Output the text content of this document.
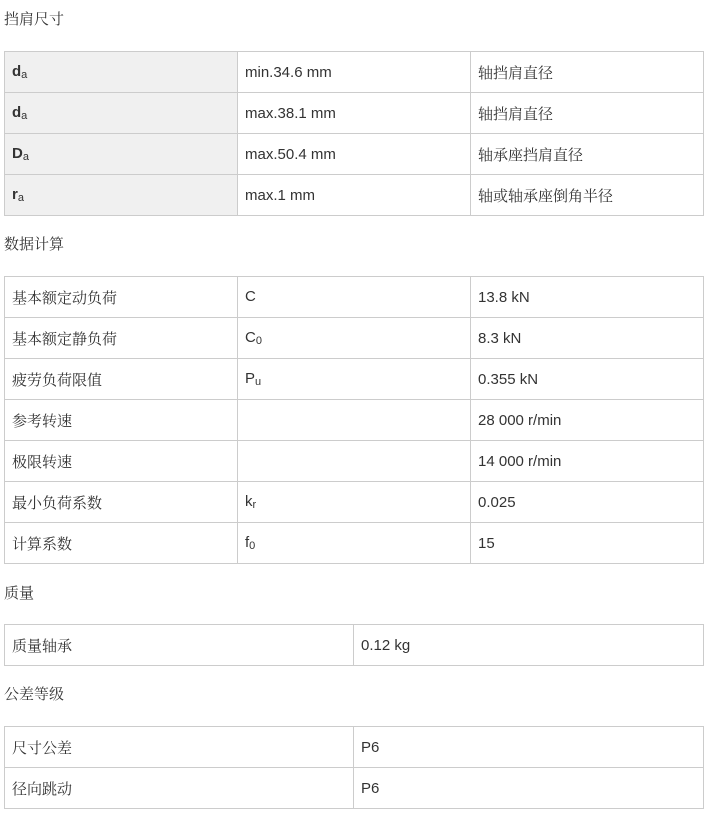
挡肩尺寸
da	min.34.6 mm	轴挡肩直径
da	max.38.1 mm	轴挡肩直径
Da	max.50.4 mm	轴承座挡肩直径
ra	max.1 mm	轴或轴承座倒角半径
数据计算
基本额定动负荷	C	13.8 kN
基本额定静负荷	C0	8.3 kN
疲劳负荷限值	Pu	0.355 kN
参考转速		28 000 r/min
极限转速		14 000 r/min
最小负荷系数	kr	0.025
计算系数	f0	15
质量
质量轴承	0.12 kg
公差等级
尺寸公差	P6
径向跳动	P6
